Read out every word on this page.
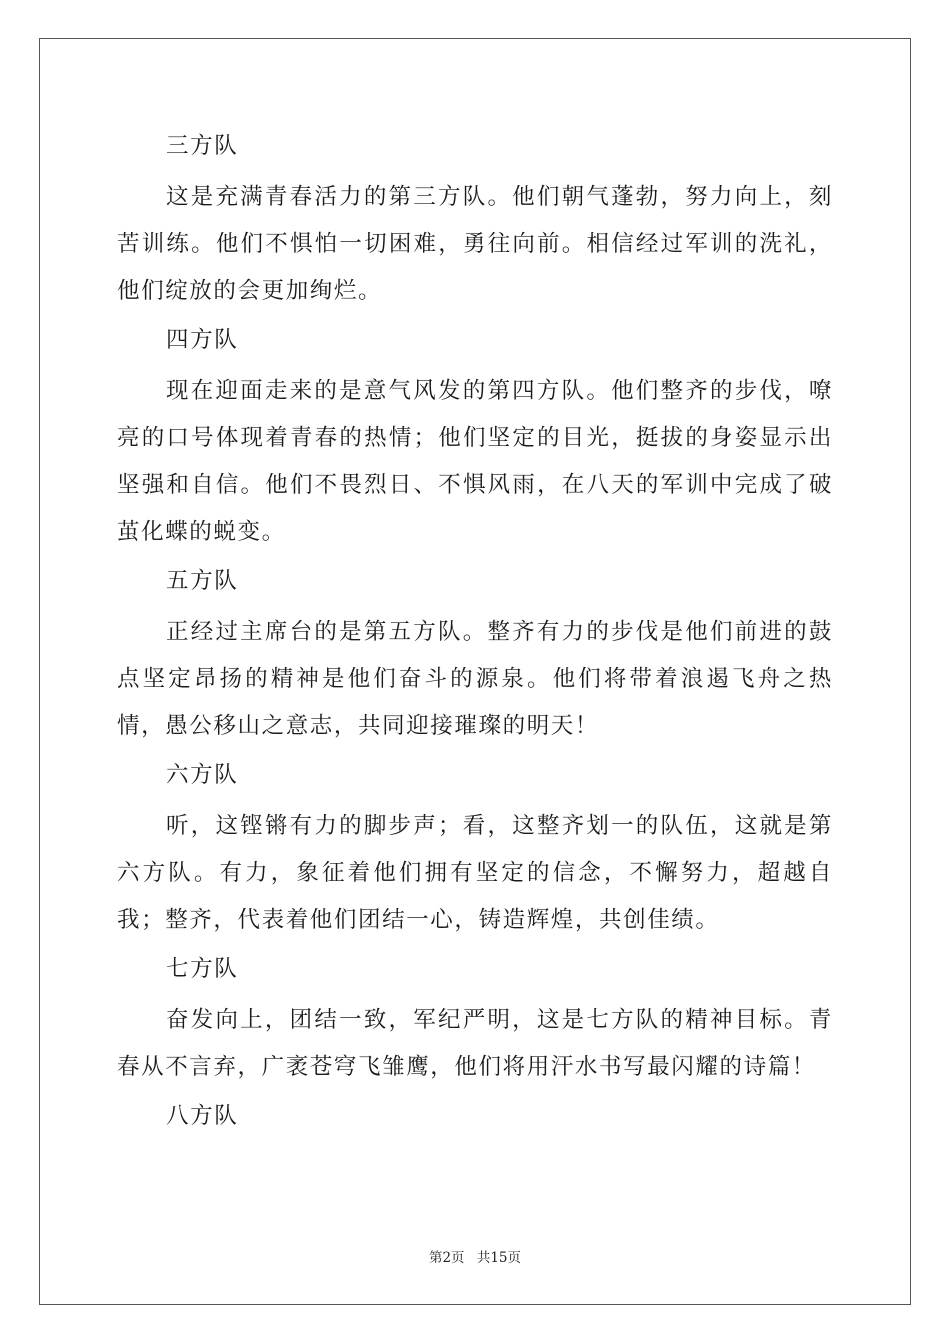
三方队

这是充满青春活力的第三方队。他们朝气蓬勃，努力向上，刻苦训练。他们不惧怕一切困难，勇往向前。相信经过军训的洗礼，他们绽放的会更加绚烂。

四方队

现在迎面走来的是意气风发的第四方队。他们整齐的步伐，嘹亮的口号体现着青春的热情；他们坚定的目光，挺拔的身姿显示出坚强和自信。他们不畏烈日、不惧风雨，在八天的军训中完成了破茧化蝶的蜕变。

五方队

正经过主席台的是第五方队。整齐有力的步伐是他们前进的鼓点坚定昂扬的精神是他们奋斗的源泉。他们将带着浪遏飞舟之热情，愚公移山之意志，共同迎接璀璨的明天！

六方队

听，这铿锵有力的脚步声；看，这整齐划一的队伍，这就是第六方队。有力，象征着他们拥有坚定的信念，不懈努力，超越自我；整齐，代表着他们团结一心，铸造辉煌，共创佳绩。

七方队

奋发向上，团结一致，军纪严明，这是七方队的精神目标。青春从不言弃，广袤苍穹飞雏鹰，他们将用汗水书写最闪耀的诗篇！

八方队
第2页 共15页
